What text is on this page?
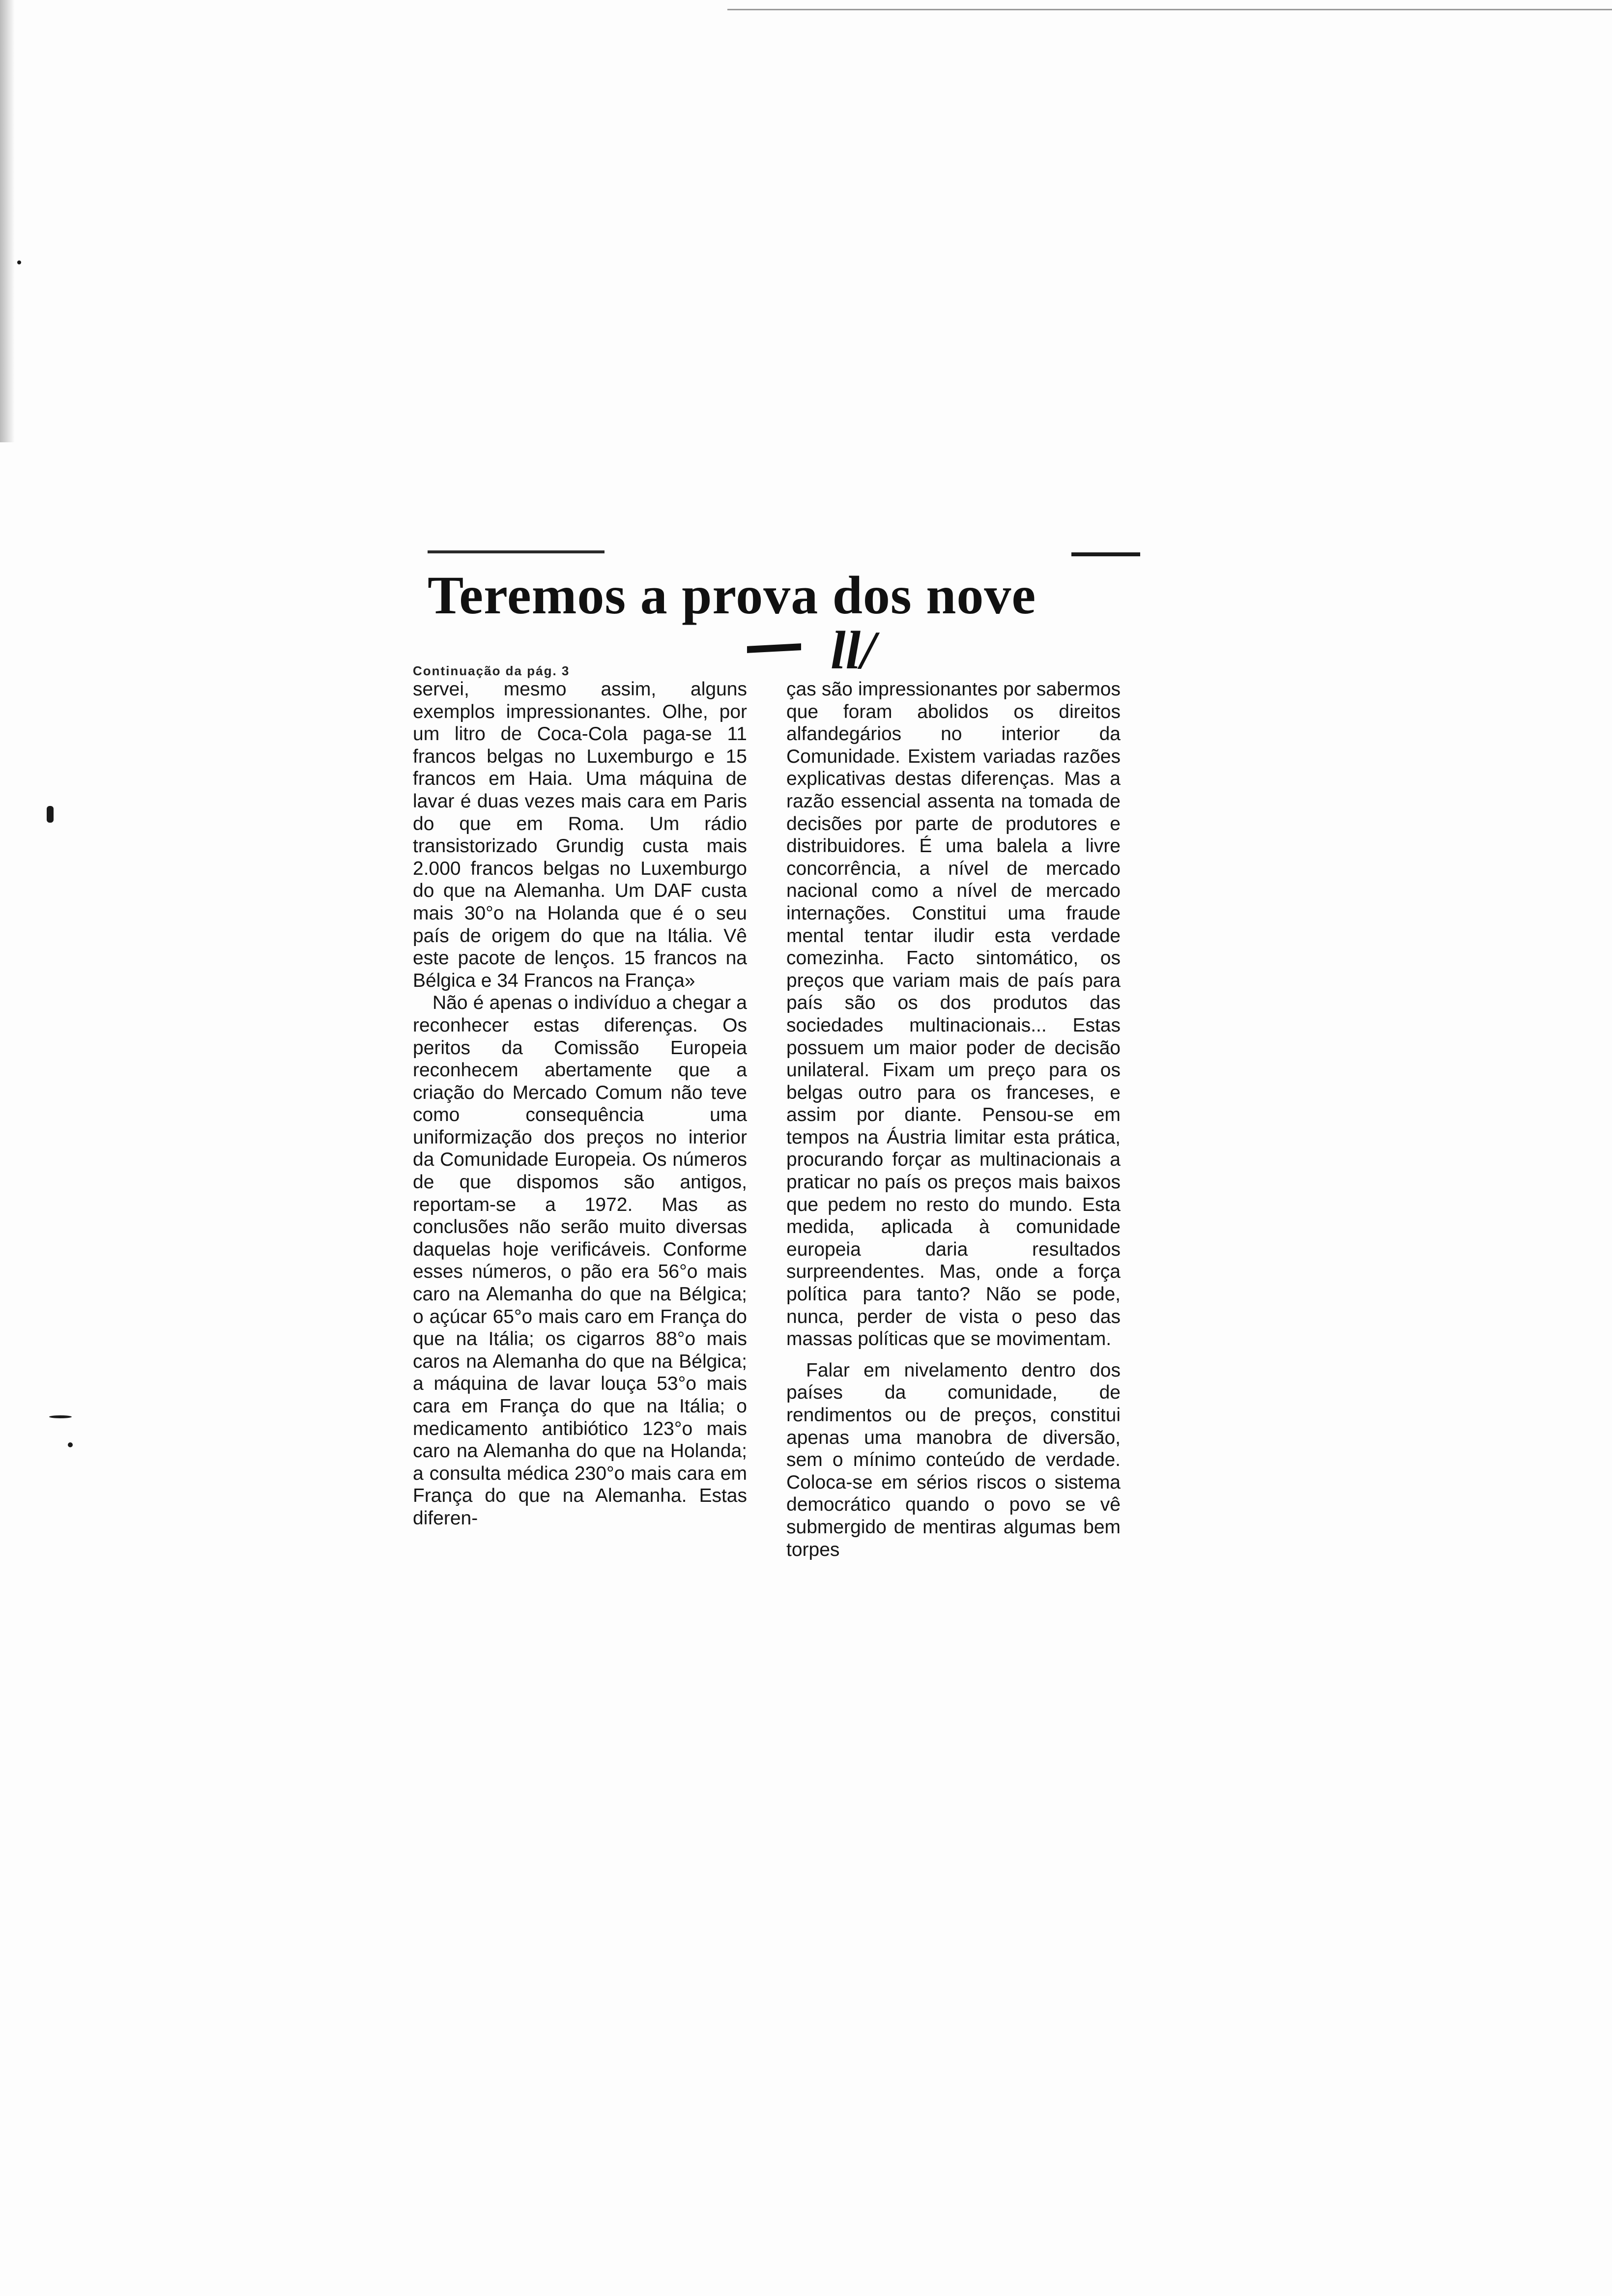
Teremos a prova dos nove
ll/
Continuação da pág. 3

servei, mesmo assim, alguns exemplos impressionantes. Olhe, por um litro de Coca-Cola paga-se 11 francos belgas no Luxemburgo e 15 francos em Haia. Uma máquina de lavar é duas vezes mais cara em Paris do que em Roma. Um rádio transistorizado Grundig custa mais 2.000 francos belgas no Luxemburgo do que na Alemanha. Um DAF custa mais 30°o na Holanda que é o seu país de origem do que na Itália. Vê este pacote de lenços. 15 francos na Bélgica e 34 Francos na França»

Não é apenas o indivíduo a chegar a reconhecer estas diferenças. Os peritos da Comissão Europeia reconhecem abertamente que a criação do Mercado Comum não teve como consequência uma uniformização dos preços no interior da Comunidade Europeia. Os números de que dispomos são antigos, reportam-se a 1972. Mas as conclusões não serão muito diversas daquelas hoje verificáveis. Conforme esses números, o pão era 56°o mais caro na Alemanha do que na Bélgica; o açúcar 65°o mais caro em França do que na Itália; os cigarros 88°o mais caros na Alemanha do que na Bélgica; a máquina de lavar louça 53°o mais cara em França do que na Itália; o medicamento antibiótico 123°o mais caro na Alemanha do que na Holanda; a consulta médica 230°o mais cara em França do que na Alemanha. Estas diferen-

ças são impressionantes por sabermos que foram abolidos os direitos alfandegários no interior da Comunidade. Existem variadas razões explicativas destas diferenças. Mas a razão essencial assenta na tomada de decisões por parte de produtores e distribuidores. É uma balela a livre concorrência, a nível de mercado nacional como a nível de mercado internações. Constitui uma fraude mental tentar iludir esta verdade comezinha. Facto sintomático, os preços que variam mais de país para país são os dos produtos das sociedades multinacionais... Estas possuem um maior poder de decisão unilateral. Fixam um preço para os belgas outro para os franceses, e assim por diante. Pensou-se em tempos na Áustria limitar esta prática, procurando forçar as multinacionais a praticar no país os preços mais baixos que pedem no resto do mundo. Esta medida, aplicada à comunidade europeia daria resultados surpreendentes. Mas, onde a força política para tanto? Não se pode, nunca, perder de vista o peso das massas políticas que se movimentam.

Falar em nivelamento dentro dos países da comunidade, de rendimentos ou de preços, constitui apenas uma manobra de diversão, sem o mínimo conteúdo de verdade. Coloca-se em sérios riscos o sistema democrático quando o povo se vê submergido de mentiras algumas bem torpes
